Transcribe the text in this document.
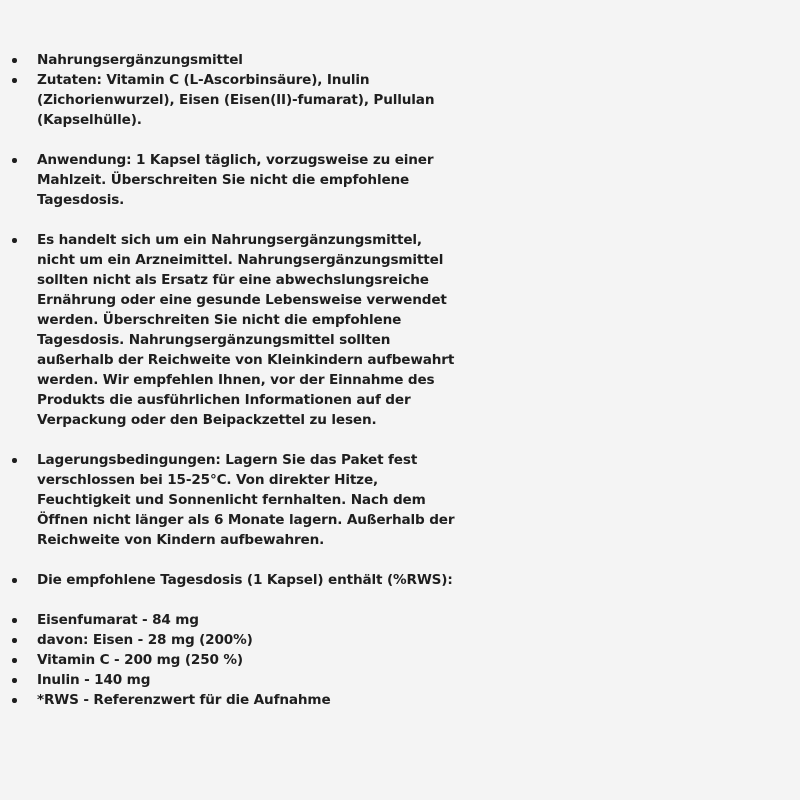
Nahrungsergänzungsmittel
Zutaten: Vitamin C (L-Ascorbinsäure), Inulin (Zichorienwurzel), Eisen (Eisen(II)-fumarat), Pullulan (Kapselhülle).
Anwendung: 1 Kapsel täglich, vorzugsweise zu einer Mahlzeit. Überschreiten Sie nicht die empfohlene Tagesdosis.
Es handelt sich um ein Nahrungsergänzungsmittel, nicht um ein Arzneimittel. Nahrungsergänzungsmittel sollten nicht als Ersatz für eine abwechslungsreiche Ernährung oder eine gesunde Lebensweise verwendet werden. Überschreiten Sie nicht die empfohlene Tagesdosis. Nahrungsergänzungsmittel sollten außerhalb der Reichweite von Kleinkindern aufbewahrt werden. Wir empfehlen Ihnen, vor der Einnahme des Produkts die ausführlichen Informationen auf der Verpackung oder den Beipackzettel zu lesen.
Lagerungsbedingungen: Lagern Sie das Paket fest verschlossen bei 15-25°C. Von direkter Hitze, Feuchtigkeit und Sonnenlicht fernhalten. Nach dem Öffnen nicht länger als 6 Monate lagern. Außerhalb der Reichweite von Kindern aufbewahren.
Die empfohlene Tagesdosis (1 Kapsel) enthält (%RWS):
Eisenfumarat - 84 mg
davon: Eisen - 28 mg (200%)
Vitamin C - 200 mg (250 %)
Inulin - 140 mg
*RWS - Referenzwert für die Aufnahme
